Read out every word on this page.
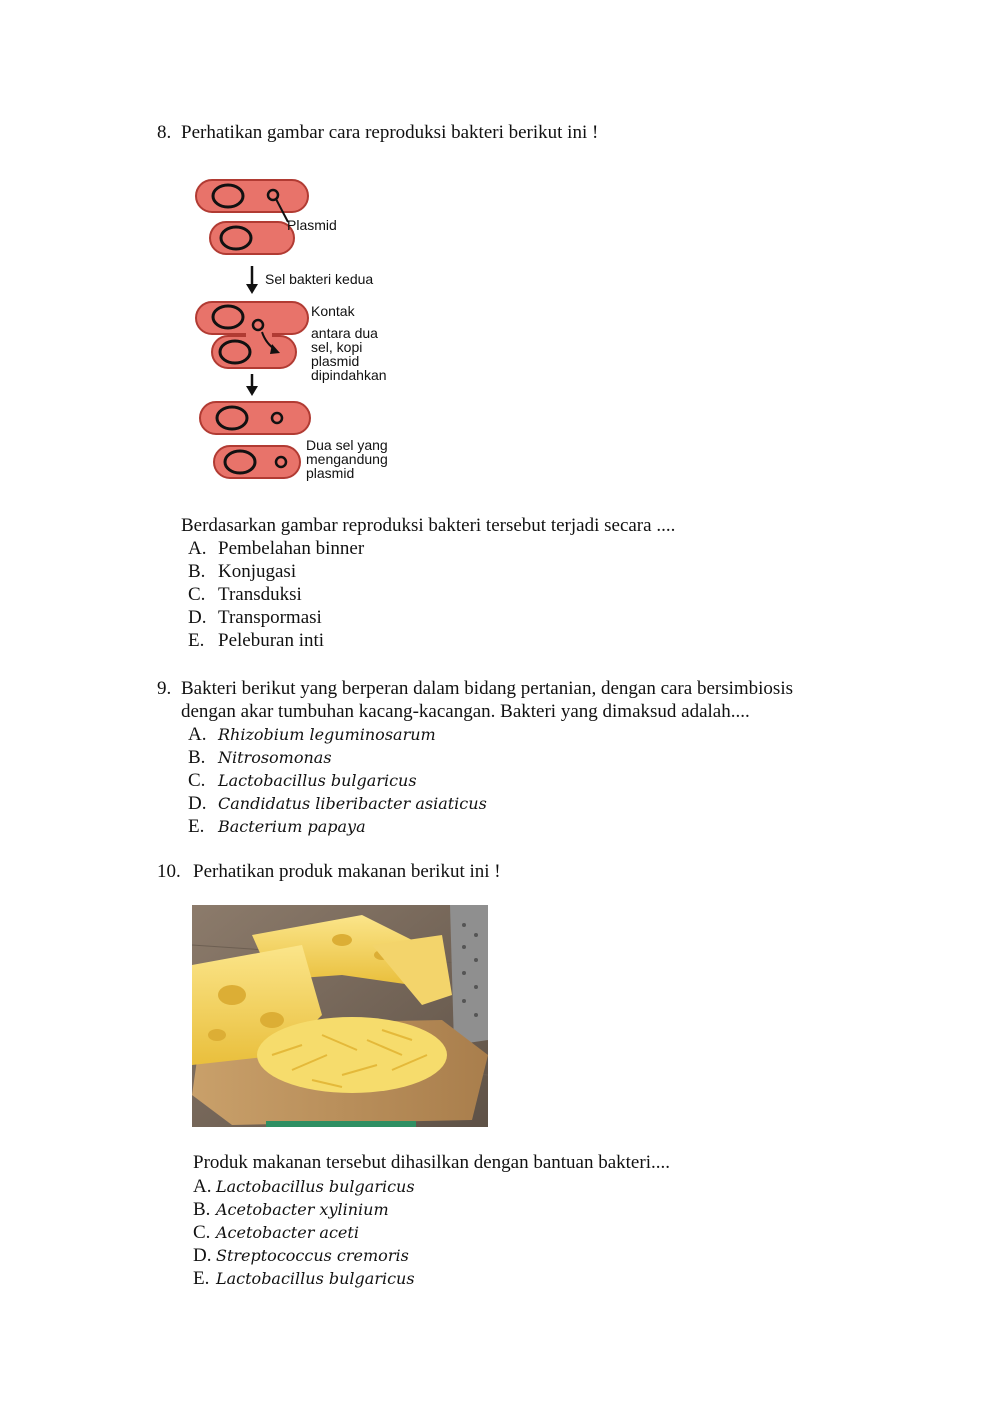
8. Perhatikan gambar cara reproduksi bakteri berikut ini !
Plasmid
Sel bakteri kedua
Kontak
antara dua
sel, kopi
plasmid
dipindahkan
Dua sel yang
mengandung
plasmid
Berdasarkan gambar reproduksi bakteri tersebut terjadi secara ....
A. Pembelahan binner
B. Konjugasi
C. Transduksi
D. Transpormasi
E. Peleburan inti
9. Bakteri berikut yang berperan dalam bidang pertanian, dengan cara bersimbiosis
dengan akar tumbuhan kacang-kacangan. Bakteri yang dimaksud adalah....
A. Rhizobium leguminosarum
B. Nitrosomonas
C. Lactobacillus bulgaricus
D. Candidatus liberibacter asiaticus
E. Bacterium papaya
10. Perhatikan produk makanan berikut ini !
Produk makanan tersebut dihasilkan dengan bantuan bakteri....
A. Lactobacillus bulgaricus
B. Acetobacter xylinium
C. Acetobacter aceti
D. Streptococcus cremoris
E. Lactobacillus bulgaricus
